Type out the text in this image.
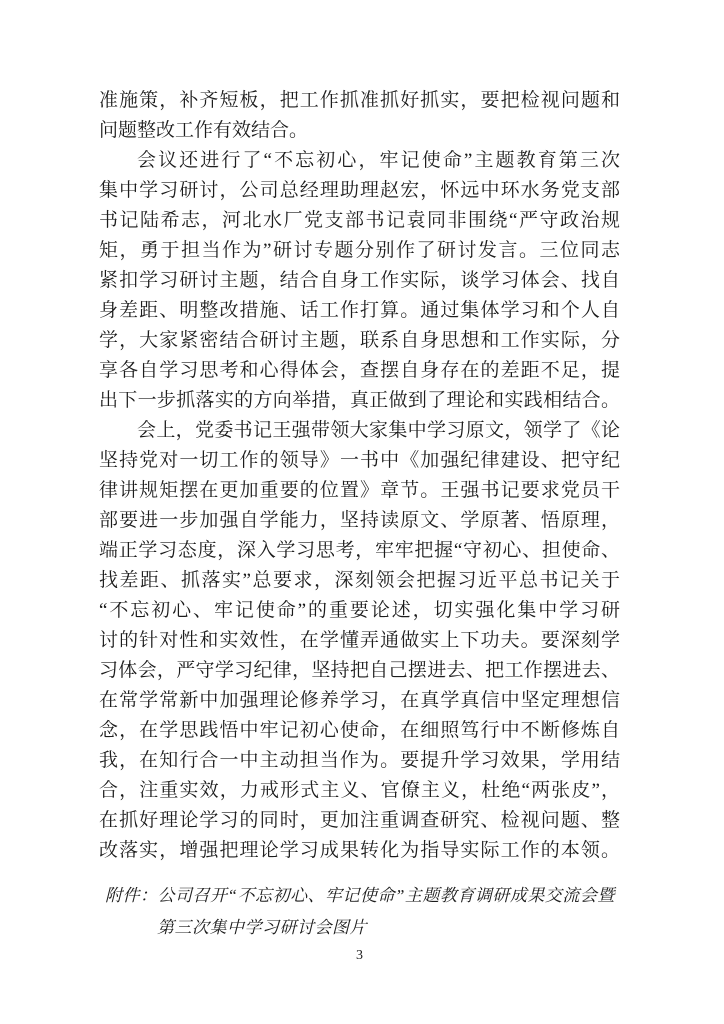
准施策，补齐短板，把工作抓准抓好抓实，要把检视问题和
问题整改工作有效结合。
会议还进行了“不忘初心，牢记使命”主题教育第三次
集中学习研讨，公司总经理助理赵宏，怀远中环水务党支部
书记陆希志，河北水厂党支部书记袁同非围绕“严守政治规
矩，勇于担当作为”研讨专题分别作了研讨发言。三位同志
紧扣学习研讨主题，结合自身工作实际，谈学习体会、找自
身差距、明整改措施、话工作打算。通过集体学习和个人自
学，大家紧密结合研讨主题，联系自身思想和工作实际，分
享各自学习思考和心得体会，查摆自身存在的差距不足，提
出下一步抓落实的方向举措，真正做到了理论和实践相结合。
会上，党委书记王强带领大家集中学习原文，领学了《论
坚持党对一切工作的领导》一书中《加强纪律建设、把守纪
律讲规矩摆在更加重要的位置》章节。王强书记要求党员干
部要进一步加强自学能力，坚持读原文、学原著、悟原理，
端正学习态度，深入学习思考，牢牢把握“守初心、担使命、
找差距、抓落实”总要求，深刻领会把握习近平总书记关于
“不忘初心、牢记使命”的重要论述，切实强化集中学习研
讨的针对性和实效性，在学懂弄通做实上下功夫。要深刻学
习体会，严守学习纪律，坚持把自己摆进去、把工作摆进去、
在常学常新中加强理论修养学习，在真学真信中坚定理想信
念，在学思践悟中牢记初心使命，在细照笃行中不断修炼自
我，在知行合一中主动担当作为。要提升学习效果，学用结
合，注重实效，力戒形式主义、官僚主义，杜绝“两张皮”，
在抓好理论学习的同时，更加注重调查研究、检视问题、整
改落实，增强把理论学习成果转化为指导实际工作的本领。
附件：公司召开“不忘初心、牢记使命”主题教育调研成果交流会暨
第三次集中学习研讨会图片
3
